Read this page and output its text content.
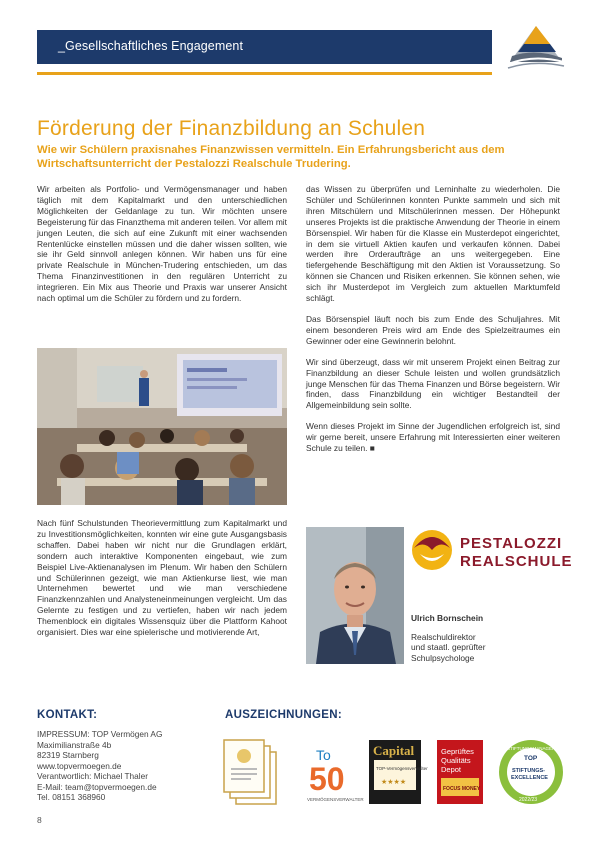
_Gesellschaftliches Engagement
Förderung der Finanzbildung an Schulen

Wie wir Schülern praxisnahes Finanzwissen vermitteln. Ein Erfahrungsbericht aus dem Wirtschaftsunterricht der Pestalozzi Realschule Trudering.

Wir arbeiten als Portfolio- und Vermögensmanager und haben täglich mit dem Kapitalmarkt und den unterschiedlichen Möglichkeiten der Geldanlage zu tun. Wir möchten unsere Begeisterung für das Finanzthema mit anderen teilen. Vor allem mit jungen Leuten, die sich auf eine Zukunft mit einer wachsenden Rentenlücke einstellen müssen und die daher wissen sollten, wie sie ihr Geld sinnvoll anlegen können. Wir haben uns für eine private Realschule in München-Trudering entschieden, um das Thema Finanzinvestitionen in den regulären Unterricht zu integrieren. Ein Mix aus Theorie und Praxis war unserer Ansicht nach optimal um die Schüler zu fördern und zu fordern.

Nach fünf Schulstunden Theorievermittlung zum Kapitalmarkt und zu Investitionsmöglichkeiten, konnten wir eine gute Ausgangsbasis schaffen. Dabei haben wir nicht nur die Grundlagen erklärt, sondern auch interaktive Komponenten eingebaut, wie zum Beispiel Live-Aktienanalysen im Plenum. Wir haben den Schülern und Schülerinnen gezeigt, wie man Aktienkurse liest, wie man Unternehmen bewertet und wie man verschiedene Finanzkennzahlen und Analysteneinmeinungen vergleicht. Um das Gelernte zu festigen und zu vertiefen, haben wir nach jedem Themenblock ein digitales Wissensquiz über die Plattform Kahoot organisiert. Dies war eine spielerische und motivierende Art,

das Wissen zu überprüfen und Lerninhalte zu wiederholen. Die Schüler und Schülerinnen konnten Punkte sammeln und sich mit ihren Mitschülern und Mitschülerinnen messen. Der Höhepunkt unseres Projekts ist die praktische Anwendung der Theorie in einem Börsenspiel. Wir haben für die Klasse ein Musterdepot eingerichtet, in dem sie virtuell Aktien kaufen und verkaufen können. Dabei werden ihre Orderaufträge an uns weitergegeben. Eine tiefergehende Beschäftigung mit den Aktien ist Voraussetzung. So können sie Chancen und Risiken erkennen. Sie können sehen, wie sich ihr Musterdepot im Vergleich zum aktuellen Marktumfeld schlägt.

Das Börsenspiel läuft noch bis zum Ende des Schuljahres. Mit einem besonderen Preis wird am Ende des Spielzeitraumes ein Gewinner oder eine Gewinnerin belohnt.

Wir sind überzeugt, dass wir mit unserem Projekt einen Beitrag zur Finanzbildung an dieser Schule leisten und wollen grundsätzlich junge Menschen für das Thema Finanzen und Börse begeistern. Wir finden, dass Finanzbildung ein wichtiger Bestandteil der Allgemeinbildung sein sollte.

Wenn dieses Projekt im Sinne der Jugendlichen erfolgreich ist, sind wir gerne bereit, unsere Erfahrung mit Interessierten einer weiteren Schule zu teilen. ■

PESTALOZZI
REALSCHULE
Ulrich Bornschein
Realschuldirektor
und staatl. geprüfter
Schulpsychologe
KONTAKT:	AUSZEICHNUNGEN:
IMPRESSUM: TOP Vermögen AG
Maximilianstraße 4b
82319 Starnberg
www.topvermoegen.de
Verantwortlich: Michael Thaler
E-Mail: team@topvermoegen.de
Tel. 08151 368960
To
50
VERMÖGENSVERWALTER
Capital
TOP-Vermögensverwalter
★★★★
Geprüftes
Qualitäts
Depot
FOCUS MONEY
STIFTUNGSMANAGER
TOP
STIFTUNGS-
EXCELLENCE
2022/23
8
